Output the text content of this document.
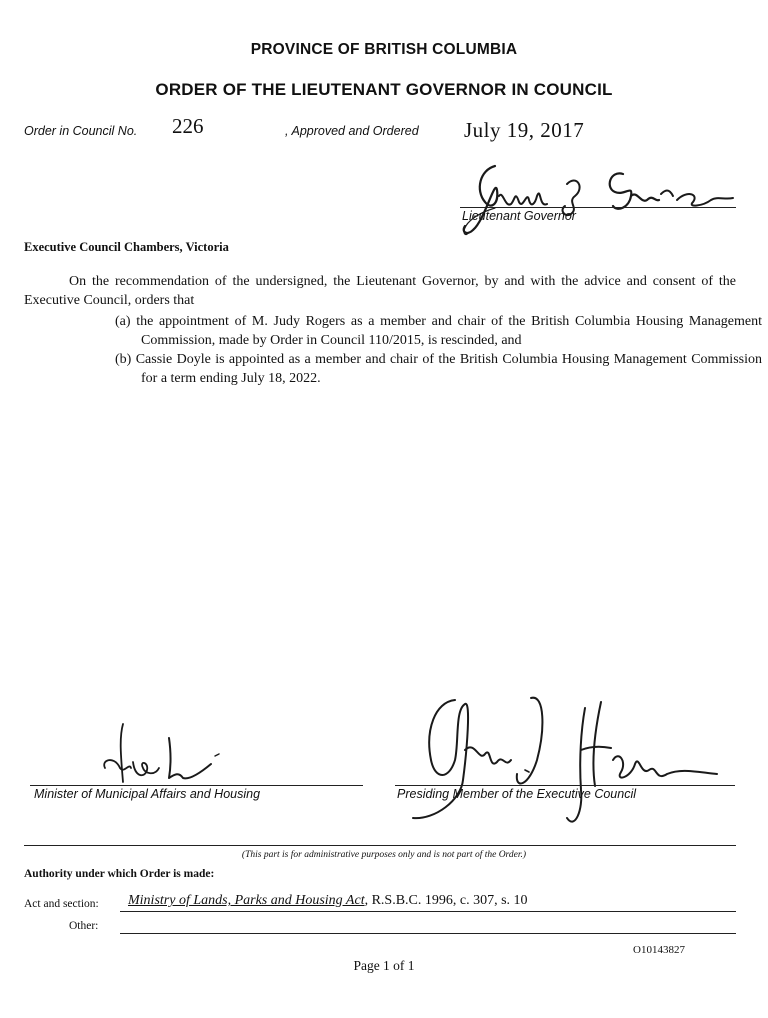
PROVINCE OF BRITISH COLUMBIA
ORDER OF THE LIEUTENANT GOVERNOR IN COUNCIL
Order in Council No. 226	, Approved and Ordered July 19, 2017
Lieutenant Governor
Executive Council Chambers, Victoria
On the recommendation of the undersigned, the Lieutenant Governor, by and with the advice and consent of the Executive Council, orders that
(a) the appointment of M. Judy Rogers as a member and chair of the British Columbia Housing Management Commission, made by Order in Council 110/2015, is rescinded, and
(b) Cassie Doyle is appointed as a member and chair of the British Columbia Housing Management Commission for a term ending July 18, 2022.
Minister of Municipal Affairs and Housing	Presiding Member of the Executive Council
(This part is for administrative purposes only and is not part of the Order.)
Authority under which Order is made:
Act and section: Ministry of Lands, Parks and Housing Act, R.S.B.C. 1996, c. 307, s. 10
Other:
O10143827
Page 1 of 1
